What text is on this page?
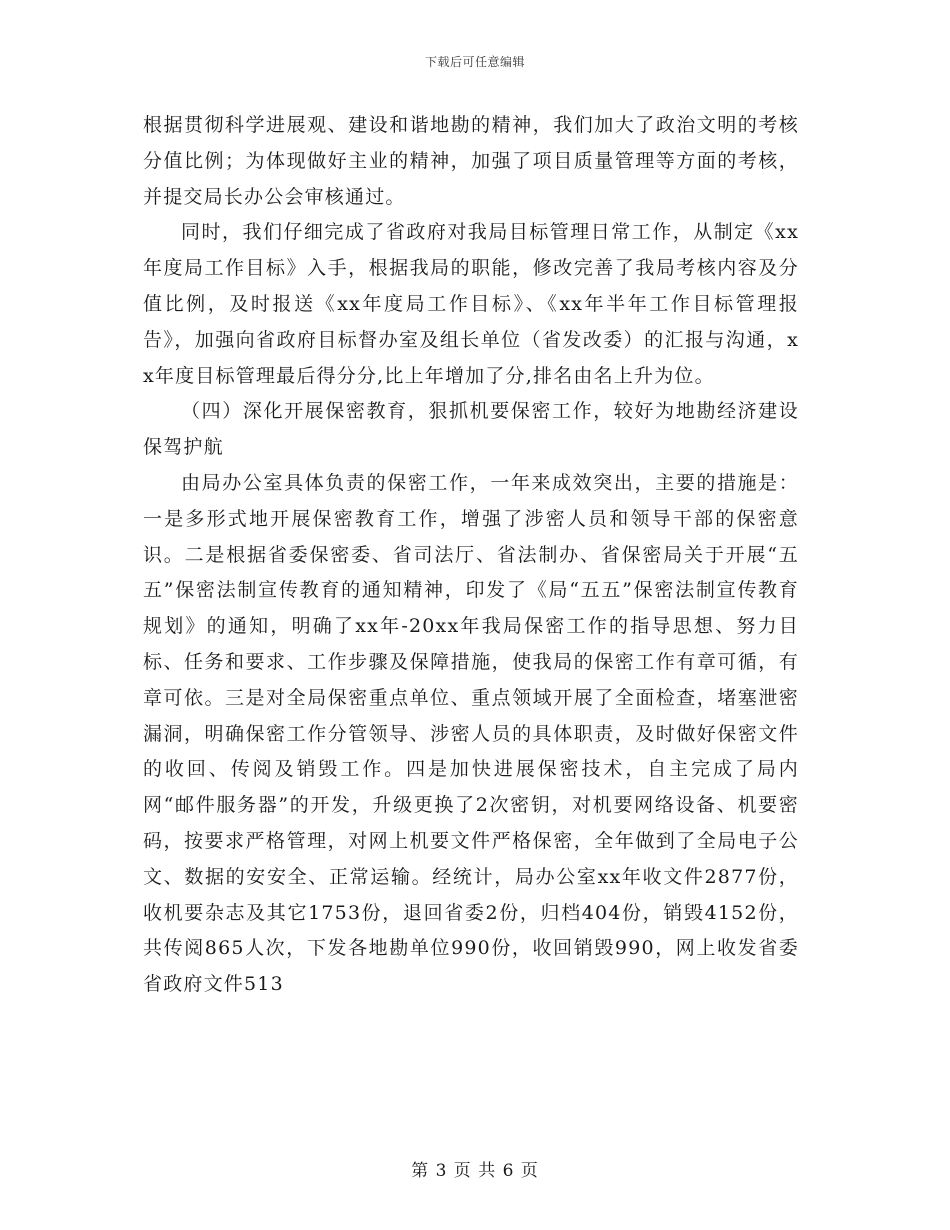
下载后可任意编辑

根据贯彻科学进展观、建设和谐地勘的精神，我们加大了政治文明的考核分值比例；为体现做好主业的精神，加强了项目质量管理等方面的考核，并提交局长办公会审核通过。

同时，我们仔细完成了省政府对我局目标管理日常工作，从制定《xx年度局工作目标》入手，根据我局的职能，修改完善了我局考核内容及分值比例，及时报送《xx年度局工作目标》、《xx年半年工作目标管理报告》，加强向省政府目标督办室及组长单位（省发改委）的汇报与沟通，xx年度目标管理最后得分分,比上年增加了分,排名由名上升为位。

（四）深化开展保密教育，狠抓机要保密工作，较好为地勘经济建设保驾护航

由局办公室具体负责的保密工作，一年来成效突出，主要的措施是：一是多形式地开展保密教育工作，增强了涉密人员和领导干部的保密意识。二是根据省委保密委、省司法厅、省法制办、省保密局关于开展“五五”保密法制宣传教育的通知精神，印发了《局“五五”保密法制宣传教育规划》的通知，明确了xx年-20xx年我局保密工作的指导思想、努力目标、任务和要求、工作步骤及保障措施，使我局的保密工作有章可循，有章可依。三是对全局保密重点单位、重点领域开展了全面检查，堵塞泄密漏洞，明确保密工作分管领导、涉密人员的具体职责，及时做好保密文件的收回、传阅及销毁工作。四是加快进展保密技术，自主完成了局内网“邮件服务器”的开发，升级更换了2次密钥，对机要网络设备、机要密码，按要求严格管理，对网上机要文件严格保密，全年做到了全局电子公文、数据的安安全、正常运输。经统计，局办公室xx年收文件2877份，收机要杂志及其它1753份，退回省委2份，归档404份，销毁4152份，共传阅865人次，下发各地勘单位990份，收回销毁990，网上收发省委省政府文件513

第 3 页 共 6 页
